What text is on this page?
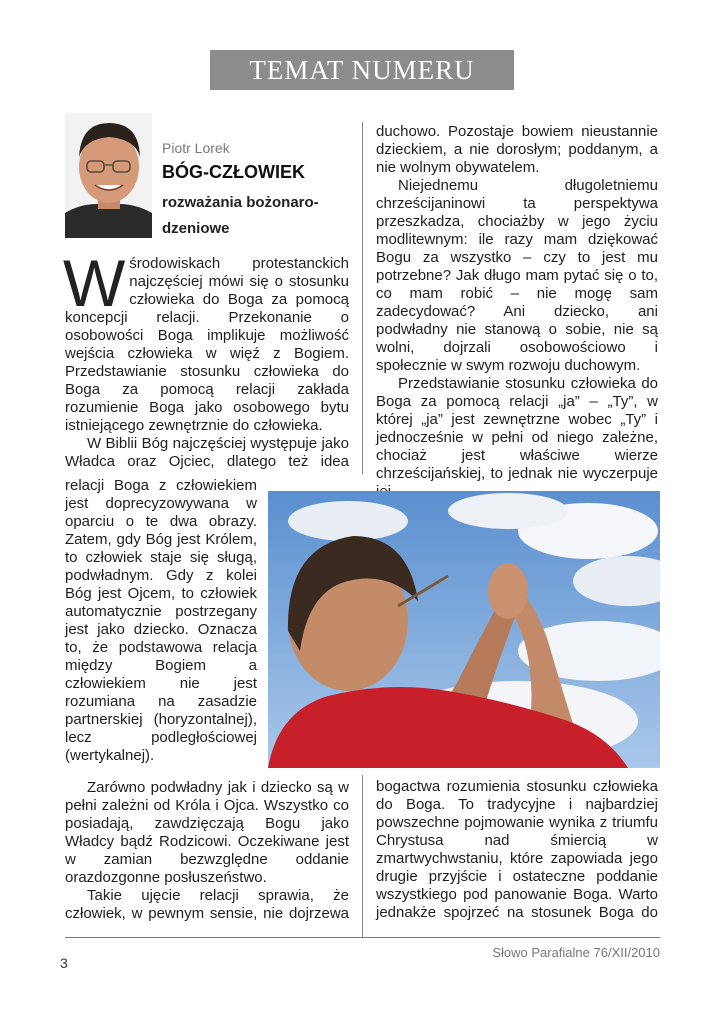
TEMAT NUMERU
Piotr Lorek
BÓG-CZŁOWIEK
rozważania bożonaro-dzeniowe

Wśrodowiskach protestanckich najczęściej mówi się o stosunku człowieka do Boga za pomocą koncepcji relacji. Przekonanie o osobowości Boga implikuje możliwość wejścia człowieka w więź z Bogiem. Przedstawianie stosunku człowieka do Boga za pomocą relacji zakłada rozumienie Boga jako osobowego bytu istniejącego zewnętrznie do człowieka.

W Biblii Bóg najczęściej występuje jako Władca oraz Ojciec, dlatego też idea

relacji Boga z człowiekiem jest doprecyzowywana w oparciu o te dwa obrazy. Zatem, gdy Bóg jest Królem, to człowiek staje się sługą, podwładnym. Gdy z kolei Bóg jest Ojcem, to człowiek automatycznie postrzegany jest jako dziecko. Oznacza to, że podstawowa relacja między Bogiem a człowiekiem nie jest rozumiana na zasadzie partnerskiej (horyzontalnej), lecz podległościowej (wertykalnej).

Zarówno podwładny jak i dziecko są w pełni zależni od Króla i Ojca. Wszystko co posiadają, zawdzięczają Bogu jako Władcy bądź Rodzicowi. Oczekiwane jest w zamian bezwzględne oddanie orazdozgonne posłuszeństwo.

Takie ujęcie relacji sprawia, że człowiek, w pewnym sensie, nie dojrzewa

duchowo. Pozostaje bowiem nieustannie dzieckiem, a nie dorosłym; poddanym, a nie wolnym obywatelem.

Niejednemu długoletniemu chrześcijaninowi ta perspektywa przeszkadza, chociażby w jego życiu modlitewnym: ile razy mam dziękować Bogu za wszystko – czy to jest mu potrzebne? Jak długo mam pytać się o to, co mam robić – nie mogę sam zadecydować? Ani dziecko, ani podwładny nie stanową o sobie, nie są wolni, dojrzali osobowościowo i społecznie w swym rozwoju duchowym.

Przedstawianie stosunku człowieka do Boga za pomocą relacji „ja” – „Ty”, w której „ja” jest zewnętrzne wobec „Ty” i jednocześnie w pełni od niego zależne, chociaż jest właściwe wierze chrześcijańskiej, to jednak nie wyczerpuje

bogactwa rozumienia stosunku człowieka do Boga. To tradycyjne i najbardziej powszechne pojmowanie wynika z triumfu Chrystusa nad śmiercią w zmartwychwstaniu, które zapowiada jego drugie przyjście i ostateczne poddanie wszystkiego pod panowanie Boga. Warto jednakże spojrzeć na stosunek Boga do

3
Słowo Parafialne 76/XII/2010
